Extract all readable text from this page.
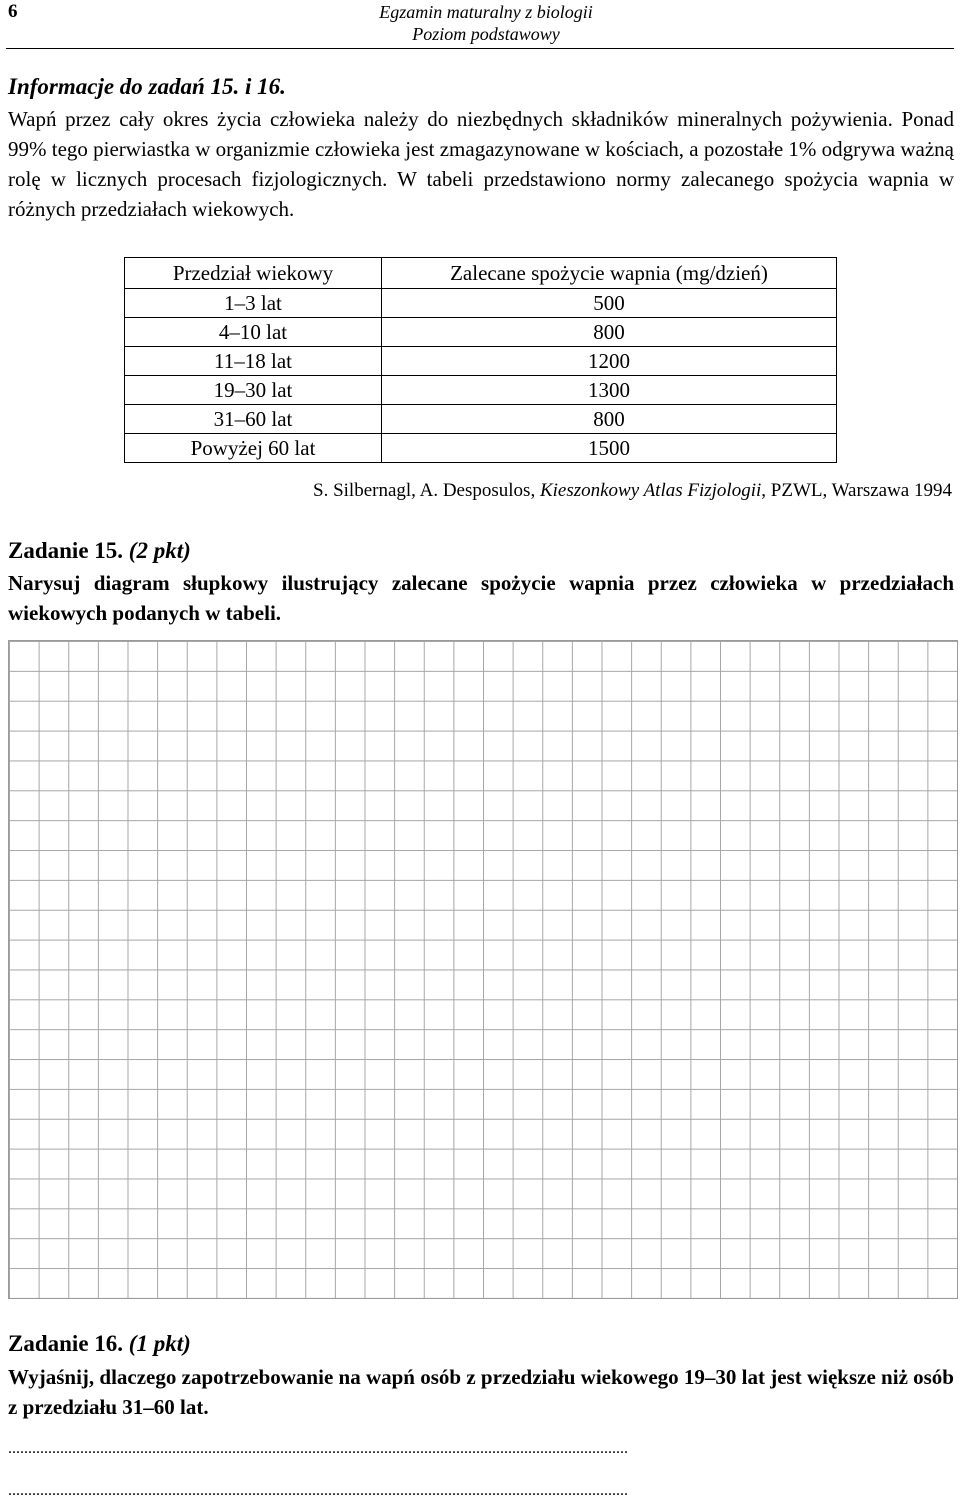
6	Egzamin maturalny z biologii
Poziom podstawowy
Informacje do zadań 15. i 16.

Wapń przez cały okres życia człowieka należy do niezbędnych składników mineralnych pożywienia. Ponad 99% tego pierwiastka w organizmie człowieka jest zmagazynowane w kościach, a pozostałe 1% odgrywa ważną rolę w licznych procesach fizjologicznych. W tabeli przedstawiono normy zalecanego spożycia wapnia w różnych przedziałach wiekowych.

Przedział wiekowy	Zalecane spożycie wapnia (mg/dzień)
1–3 lat	500
4–10 lat	800
11–18 lat	1200
19–30 lat	1300
31–60 lat	800
Powyżej 60 lat	1500
S. Silbernagl, A. Desposulos, Kieszonkowy Atlas Fizjologii, PZWL, Warszawa 1994
Zadanie 15. (2 pkt)
Narysuj diagram słupkowy ilustrujący zalecane spożycie wapnia przez człowieka w przedziałach wiekowych podanych w tabeli.
Zadanie 16. (1 pkt)
Wyjaśnij, dlaczego zapotrzebowanie na wapń osób z przedziału wiekowego 19–30 lat jest większe niż osób z przedziału 31–60 lat.
...........................................................................................................................................................
...........................................................................................................................................................
